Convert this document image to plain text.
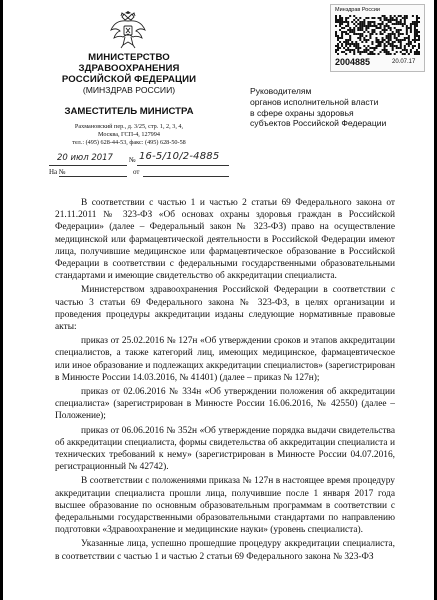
МИНИСТЕРСТВО
ЗДРАВООХРАНЕНИЯ
РОССИЙСКОЙ ФЕДЕРАЦИИ
(МИНЗДРАВ РОССИИ)
ЗАМЕСТИТЕЛЬ МИНИСТРА
Рахмановский пер., д. 3/25, стр. 1, 2, 3, 4,
Москва, ГСП-4, 127994
тел.: (495) 628-44-53, факс: (495) 628-50-58
20 июл 2017 № 16-5/10/2-4885
На №	от
Минздрав России
2004885	20.07.17
Руководителям
органов исполнительной власти
в сфере охраны здоровья
субъектов Российской Федерации

В соответствии с частью 1 и частью 2 статьи 69 Федерального закона от 21.11.2011 № 323-ФЗ «Об основах охраны здоровья граждан в Российской Федерации» (далее – Федеральный закон № 323-ФЗ) право на осуществление медицинской или фармацевтической деятельности в Российской Федерации имеют лица, получившие медицинское или фармацевтическое образование в Российской Федерации в соответствии с федеральными государственными образовательными стандартами и имеющие свидетельство об аккредитации специалиста.

Министерством здравоохранения Российской Федерации в соответствии с частью 3 статьи 69 Федерального закона № 323-ФЗ, в целях организации и проведения процедуры аккредитации изданы следующие нормативные правовые акты:

приказ от 25.02.2016 № 127н «Об утверждении сроков и этапов аккредитации специалистов, а также категорий лиц, имеющих медицинское, фармацевтическое или иное образование и подлежащих аккредитации специалистов» (зарегистрирован в Минюсте России 14.03.2016, № 41401) (далее – приказ № 127н);

приказ от 02.06.2016 № 334н «Об утверждении положения об аккредитации специалиста» (зарегистрирован в Минюсте России 16.06.2016, № 42550) (далее – Положение);

приказ от 06.06.2016 № 352н «Об утверждение порядка выдачи свидетельства об аккредитации специалиста, формы свидетельства об аккредитации специалиста и технических требований к нему» (зарегистрирован в Минюсте России 04.07.2016, регистрационный № 42742).

В соответствии с положениями приказа № 127н в настоящее время процедуру аккредитации специалиста прошли лица, получившие после 1 января 2017 года высшее образование по основным образовательным программам в соответствии с федеральными государственными образовательными стандартами по направлению подготовки «Здравоохранение и медицинские науки» (уровень специалиста).

Указанные лица, успешно прошедшие процедуру аккредитации специалиста, в соответствии с частью 1 и частью 2 статьи 69 Федерального закона № 323-ФЗ
